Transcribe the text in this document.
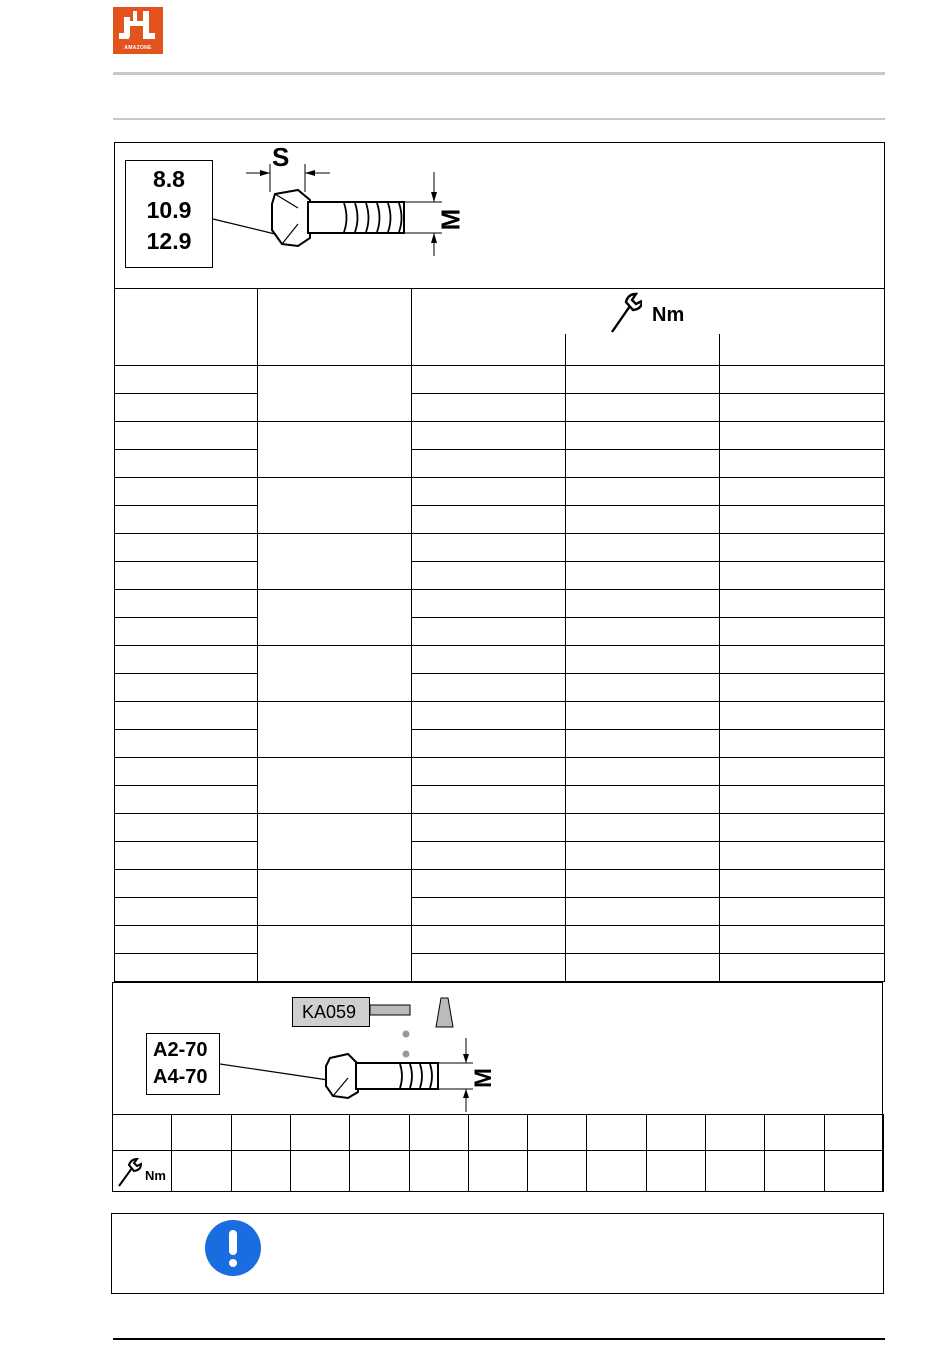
AMAZONE
8.8
10.9
12.9
S
M
Nm
KA059
A2-70
A4-70	M
Nm
